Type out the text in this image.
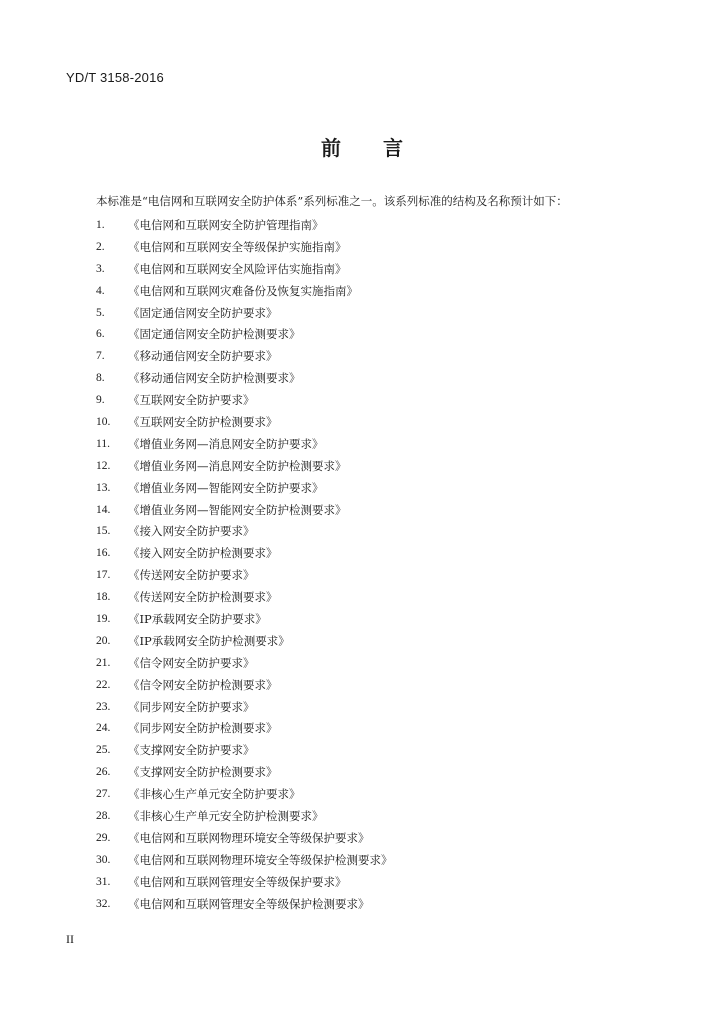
YD/T 3158-2016
前 言
本标准是“电信网和互联网安全防护体系”系列标准之一。该系列标准的结构及名称预计如下：
1.	《电信网和互联网安全防护管理指南》
2.	《电信网和互联网安全等级保护实施指南》
3.	《电信网和互联网安全风险评估实施指南》
4.	《电信网和互联网灾难备份及恢复实施指南》
5.	《固定通信网安全防护要求》
6.	《固定通信网安全防护检测要求》
7.	《移动通信网安全防护要求》
8.	《移动通信网安全防护检测要求》
9.	《互联网安全防护要求》
10.	《互联网安全防护检测要求》
11.	《增值业务网—消息网安全防护要求》
12.	《增值业务网—消息网安全防护检测要求》
13.	《增值业务网—智能网安全防护要求》
14.	《增值业务网—智能网安全防护检测要求》
15.	《接入网安全防护要求》
16.	《接入网安全防护检测要求》
17.	《传送网安全防护要求》
18.	《传送网安全防护检测要求》
19.	《IP承载网安全防护要求》
20.	《IP承载网安全防护检测要求》
21.	《信令网安全防护要求》
22.	《信令网安全防护检测要求》
23.	《同步网安全防护要求》
24.	《同步网安全防护检测要求》
25.	《支撑网安全防护要求》
26.	《支撑网安全防护检测要求》
27.	《非核心生产单元安全防护要求》
28.	《非核心生产单元安全防护检测要求》
29.	《电信网和互联网物理环境安全等级保护要求》
30.	《电信网和互联网物理环境安全等级保护检测要求》
31.	《电信网和互联网管理安全等级保护要求》
32.	《电信网和互联网管理安全等级保护检测要求》
II
